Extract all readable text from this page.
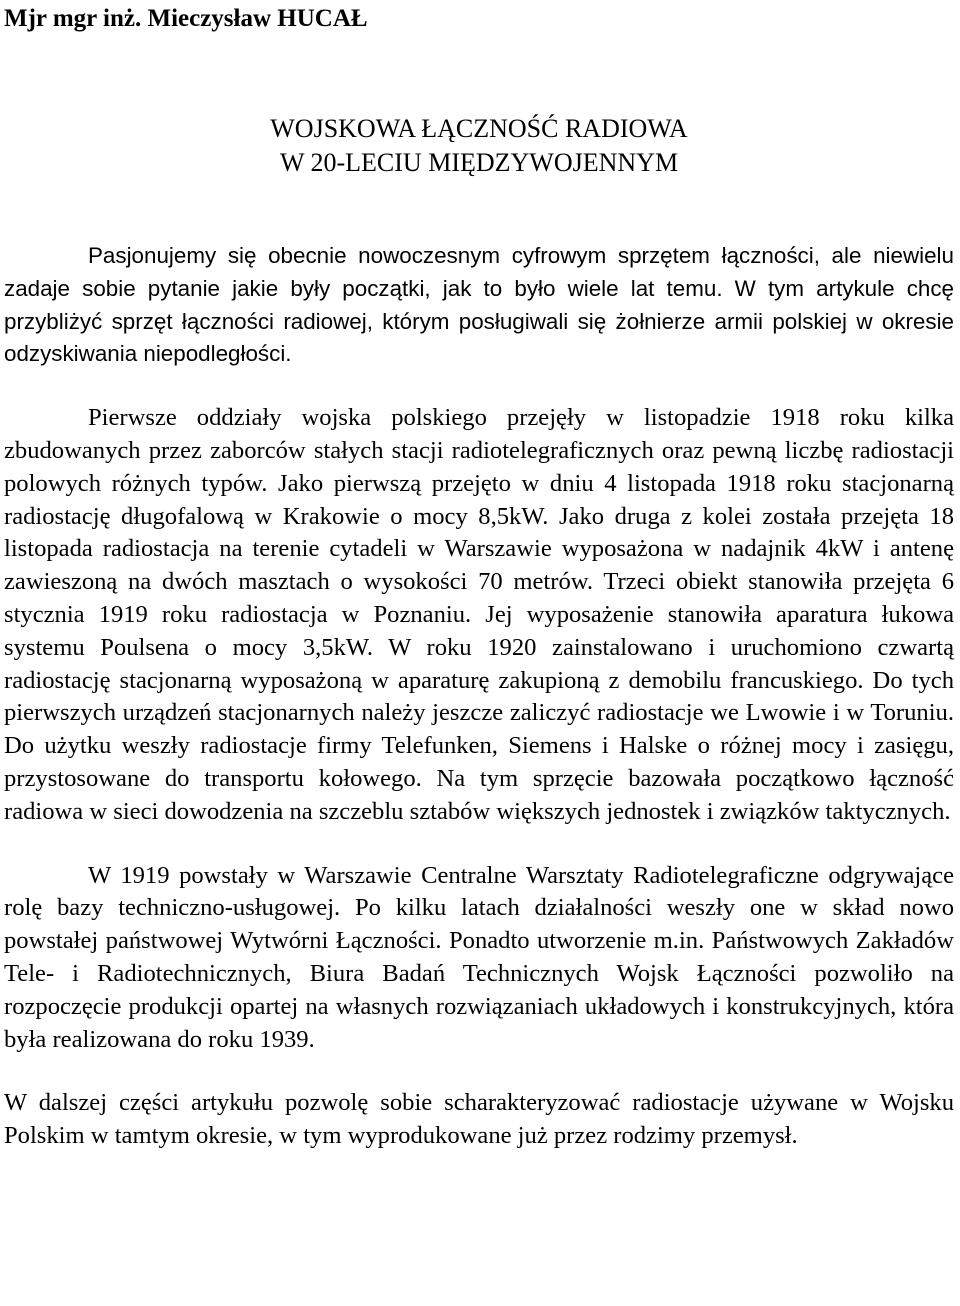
Mjr mgr inż. Mieczysław HUCAŁ
WOJSKOWA ŁĄCZNOŚĆ RADIOWA
W 20-LECIU MIĘDZYWOJENNYM

Pasjonujemy się obecnie nowoczesnym cyfrowym sprzętem łączności, ale niewielu zadaje sobie pytanie jakie były początki, jak to było wiele lat temu. W tym artykule chcę przybliżyć sprzęt łączności radiowej, którym posługiwali się żołnierze armii polskiej w okresie odzyskiwania niepodległości.

Pierwsze oddziały wojska polskiego przejęły w listopadzie 1918 roku kilka zbudowanych przez zaborców stałych stacji radiotelegraficznych oraz pewną liczbę radiostacji polowych różnych typów. Jako pierwszą przejęto w dniu 4 listopada 1918 roku stacjonarną radiostację długofalową w Krakowie o mocy 8,5kW. Jako druga z kolei została przejęta 18 listopada radiostacja na terenie cytadeli w Warszawie wyposażona w nadajnik 4kW i antenę zawieszoną na dwóch masztach o wysokości 70 metrów. Trzeci obiekt stanowiła przejęta 6 stycznia 1919 roku radiostacja w Poznaniu. Jej wyposażenie stanowiła aparatura łukowa systemu Poulsena o mocy 3,5kW. W roku 1920 zainstalowano i uruchomiono czwartą radiostację stacjonarną wyposażoną w aparaturę zakupioną z demobilu francuskiego. Do tych pierwszych urządzeń stacjonarnych należy jeszcze zaliczyć radiostacje we Lwowie i w Toruniu. Do użytku weszły radiostacje firmy Telefunken, Siemens i Halske o różnej mocy i zasięgu, przystosowane do transportu kołowego. Na tym sprzęcie bazowała początkowo łączność radiowa w sieci dowodzenia na szczeblu sztabów większych jednostek i związków taktycznych.

W 1919 powstały w Warszawie Centralne Warsztaty Radiotelegraficzne odgrywające rolę bazy techniczno-usługowej. Po kilku latach działalności weszły one w skład nowo powstałej państwowej Wytwórni Łączności. Ponadto utworzenie m.in. Państwowych Zakładów Tele- i Radiotechnicznych, Biura Badań Technicznych Wojsk Łączności pozwoliło na rozpoczęcie produkcji opartej na własnych rozwiązaniach układowych i konstrukcyjnych, która była realizowana do roku 1939.

W dalszej części artykułu pozwolę sobie scharakteryzować radiostacje używane w Wojsku Polskim w tamtym okresie, w tym wyprodukowane już przez rodzimy przemysł.
